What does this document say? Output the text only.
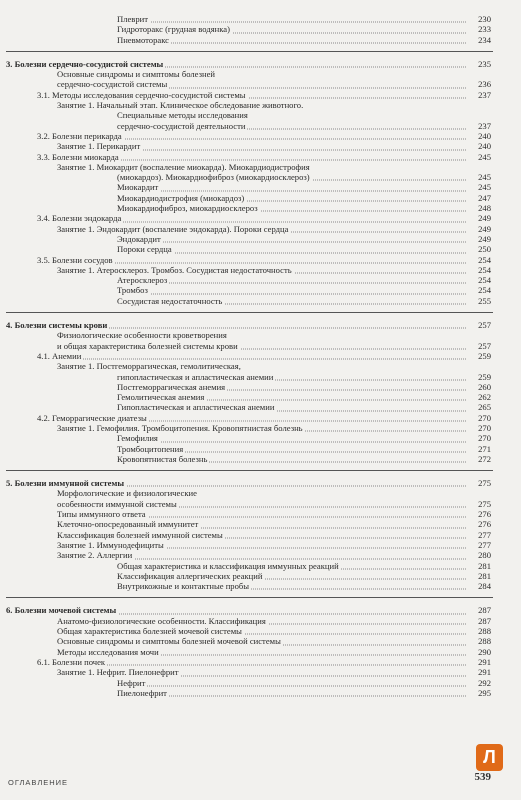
Плеврит	230
Гидроторакс (грудная водянка)	233
Пневмоторакс	234
3. Болезни сердечно-сосудистой системы	235
Основные синдромы и симптомы болезней
сердечно-сосудистой системы	236
3.1. Методы исследования сердечно-сосудистой системы	237
Занятие 1. Начальный этап. Клиническое обследование животного.
Специальные методы исследования
сердечно-сосудистой деятельности	237
3.2. Болезни перикарда	240
Занятие 1. Перикардит	240
3.3. Болезни миокарда	245
Занятие 1. Миокардит (воспаление миокарда). Миокардиодистрофия
(миокардоз). Миокардиофиброз (миокардиосклероз)	245
Миокардит	245
Миокардиодистрофия (миокардоз)	247
Миокардиофиброз, миокардиосклероз	248
3.4. Болезни эндокарда	249
Занятие 1. Эндокардит (воспаление эндокарда). Пороки сердца	249
Эндокардит	249
Пороки сердца	250
3.5. Болезни сосудов	254
Занятие 1. Атеросклероз. Тромбоз. Сосудистая недостаточность	254
Атеросклероз	254
Тромбоз	254
Сосудистая недостаточность	255
4. Болезни системы крови	257
Физиологические особенности кроветворения
и общая характеристика болезней системы крови	257
4.1. Анемии	259
Занятие 1. Постгеморрагическая, гемолитическая,
гипопластическая и апластическая анемии	259
Постгеморрагическая анемия	260
Гемолитическая анемия	262
Гипопластическая и апластическая анемии	265
4.2. Геморрагические диатезы	270
Занятие 1. Гемофилия. Тромбоцитопения. Кровопятнистая болезнь	270
Гемофилия	270
Тромбоцитопения	271
Кровопятнистая болезнь	272
5. Болезни иммунной системы	275
Морфологические и физиологические
особенности иммунной системы	275
Типы иммунного ответа	276
Клеточно-опосредованный иммунитет	276
Классификация болезней иммунной системы	277
Занятие 1. Иммунодефициты	277
Занятие 2. Аллергии	280
Общая характеристика и классификация иммунных реакций	281
Классификация аллергических реакций	281
Внутрикожные и контактные пробы	284
6. Болезни мочевой системы	287
Анатомо-физиологические особенности. Классификация	287
Общая характеристика болезней мочевой системы	288
Основные синдромы и симптомы болезней мочевой системы	288
Методы исследования мочи	290
6.1. Болезни почек	291
Занятие 1. Нефрит. Пиелонефрит	291
Нефрит	292
Пиелонефрит	295
ОГЛАВЛЕНИЕ	539
Л
